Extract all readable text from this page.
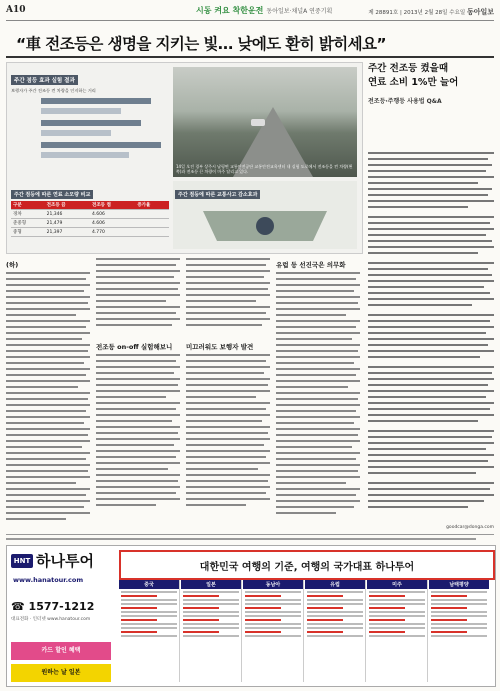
A10	시동 켜요 착한운전 동아일보·채널A 연중기획	제 28891호 | 2013년 2월 28일 수요일 동아일보
“車 전조등은 생명을 지키는 빛… 낮에도 환히 밝히세요”
주간 점등 효과 실험 결과
보행자가 주간 전조등 켠 차량을 인지하는 거리
14일 오전 경부 상주시 남평면 교통안전공단 교통안전교육센터 내 실험 도로에서 전조등을 켠 차량(왼쪽)과 전조등 끈 차량이 마주 달리고 있다.
주간 점등에 따른 연료 소모량 비교
구분	전조등 끔	전조등 켬	증가율
경차	21,346	4.606	
준중형	21,479	4.606	
중형	21,397	4.770	
주간 점등에 따른 교통사고 감소효과
주간 전조등 켰을때
연료 소비 1%만 늘어
전조등·주행등 사용법 Q&A
(하)
전조등 on-off 실험해보니	미끄러워도 보행자 발견
유럽 등 선진국은 의무화
goodcar@donga.com
HNT 하나투어
www.hanatour.com
☎ 1577-1212
대표전화 · 인터넷 www.hanatour.com
카드 할인 혜택
원하는 날 일본
대한민국 여행의 기준, 여행의 국가대표 하나투어
중국	일본	동남아	유럽	미주	남태평양
